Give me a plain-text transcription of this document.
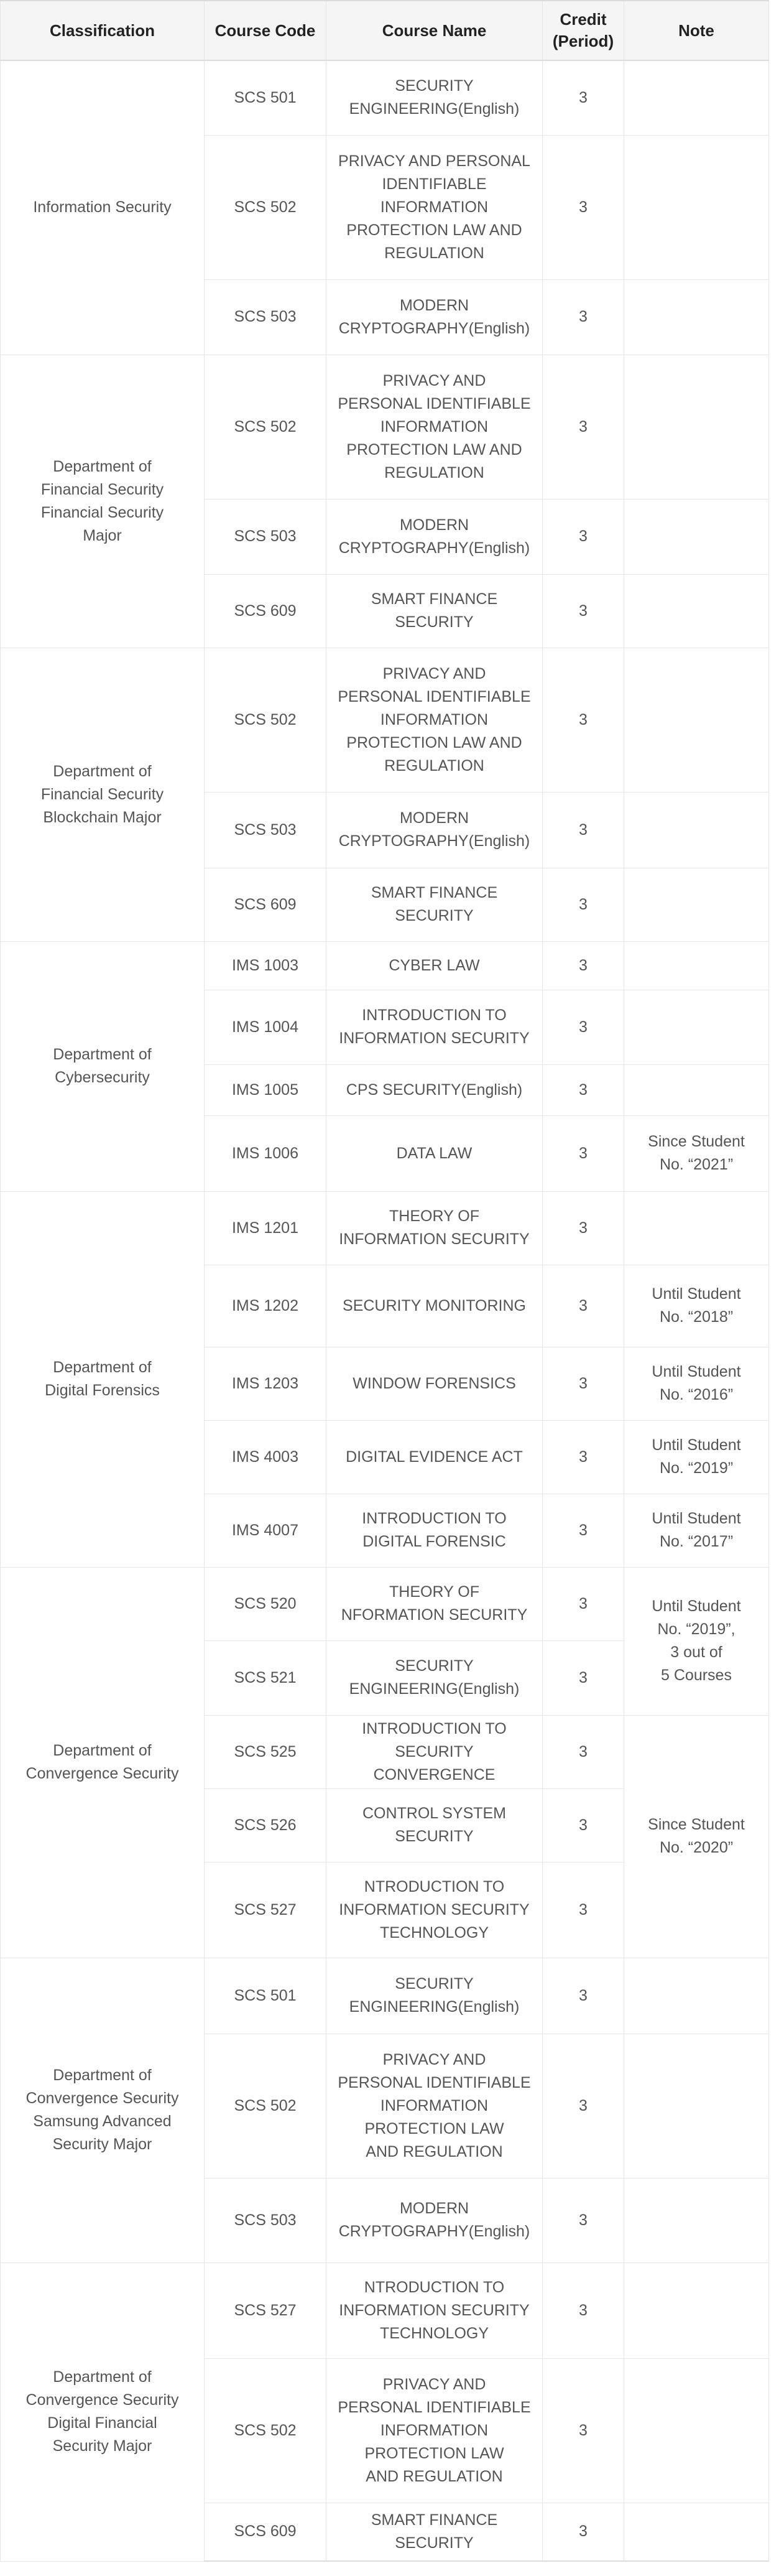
Classification	Course Code	Course Name	Credit
(Period)	Note
Information Security	SCS 501	SECURITY
ENGINEERING(English)	3	
	SCS 502	PRIVACY AND PERSONAL
IDENTIFIABLE
INFORMATION
PROTECTION LAW AND
REGULATION	3	
	SCS 503	MODERN
CRYPTOGRAPHY(English)	3	
Department of
Financial Security
Financial Security
Major	SCS 502	PRIVACY AND
PERSONAL IDENTIFIABLE
INFORMATION
PROTECTION LAW AND
REGULATION	3	
	SCS 503	MODERN
CRYPTOGRAPHY(English)	3	
	SCS 609	SMART FINANCE
SECURITY	3	
Department of
Financial Security
Blockchain Major	SCS 502	PRIVACY AND
PERSONAL IDENTIFIABLE
INFORMATION
PROTECTION LAW AND
REGULATION	3	
	SCS 503	MODERN
CRYPTOGRAPHY(English)	3	
	SCS 609	SMART FINANCE
SECURITY	3	
Department of
Cybersecurity	IMS 1003	CYBER LAW	3	
	IMS 1004	INTRODUCTION TO
INFORMATION SECURITY	3	
	IMS 1005	CPS SECURITY(English)	3	
	IMS 1006	DATA LAW	3	Since Student
No. “2021”
Department of
Digital Forensics	IMS 1201	THEORY OF
INFORMATION SECURITY	3	
	IMS 1202	SECURITY MONITORING	3	Until Student
No. “2018”
	IMS 1203	WINDOW FORENSICS	3	Until Student
No. “2016”
	IMS 4003	DIGITAL EVIDENCE ACT	3	Until Student
No. “2019”
	IMS 4007	INTRODUCTION TO
DIGITAL FORENSIC	3	Until Student
No. “2017”
Department of
Convergence Security	SCS 520	THEORY OF
NFORMATION SECURITY	3	Until Student
No. “2019”,
3 out of
5 Courses
	SCS 521	SECURITY
ENGINEERING(English)	3	
	SCS 525	INTRODUCTION TO
SECURITY CONVERGENCE	3	Since Student
No. “2020”
	SCS 526	CONTROL SYSTEM
SECURITY	3	
	SCS 527	NTRODUCTION TO
INFORMATION SECURITY
TECHNOLOGY	3	
Department of
Convergence Security
Samsung Advanced
Security Major	SCS 501	SECURITY
ENGINEERING(English)	3	
	SCS 502	PRIVACY AND
PERSONAL IDENTIFIABLE
INFORMATION
PROTECTION LAW
AND REGULATION	3	
	SCS 503	MODERN
CRYPTOGRAPHY(English)	3	
Department of
Convergence Security
Digital Financial
Security Major	SCS 527	NTRODUCTION TO
INFORMATION SECURITY
TECHNOLOGY	3	
	SCS 502	PRIVACY AND
PERSONAL IDENTIFIABLE
INFORMATION
PROTECTION LAW
AND REGULATION	3	
	SCS 609	SMART FINANCE SECURITY	3	
